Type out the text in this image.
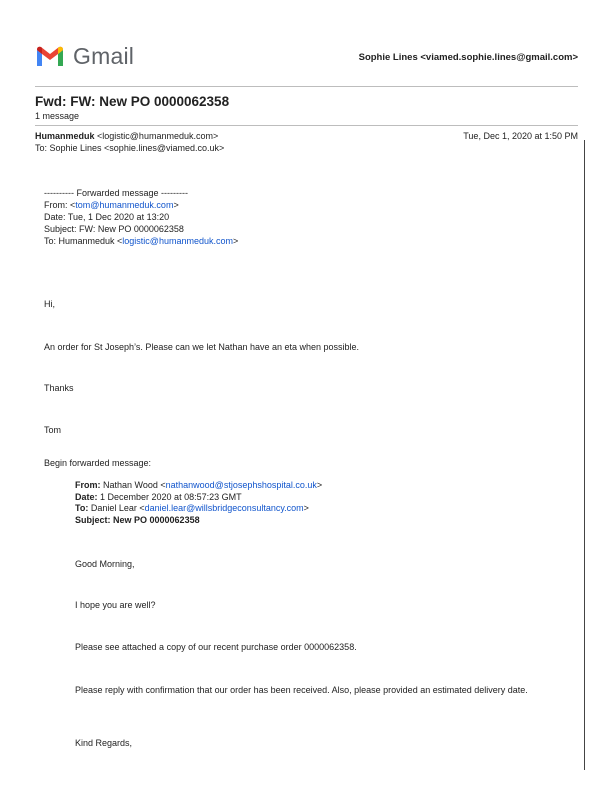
Gmail	Sophie Lines <viamed.sophie.lines@gmail.com>
Fwd: FW: New PO 0000062358
1 message
Humanmeduk <logistic@humanmeduk.com>	Tue, Dec 1, 2020 at 1:50 PM
To: Sophie Lines <sophie.lines@viamed.co.uk>
---------- Forwarded message ---------
From: <tom@humanmeduk.com>
Date: Tue, 1 Dec 2020 at 13:20
Subject: FW: New PO 0000062358
To: Humanmeduk <logistic@humanmeduk.com>
Hi,
An order for St Joseph’s. Please can we let Nathan have an eta when possible.
Thanks
Tom
Begin forwarded message:
From: Nathan Wood <nathanwood@stjosephshospital.co.uk>
Date: 1 December 2020 at 08:57:23 GMT
To: Daniel Lear <daniel.lear@willsbridgeconsultancy.com>
Subject: New PO 0000062358
Good Morning,
I hope you are well?
Please see attached a copy of our recent purchase order 0000062358.
Please reply with confirmation that our order has been received. Also, please provided an estimated delivery date.
Kind Regards,
